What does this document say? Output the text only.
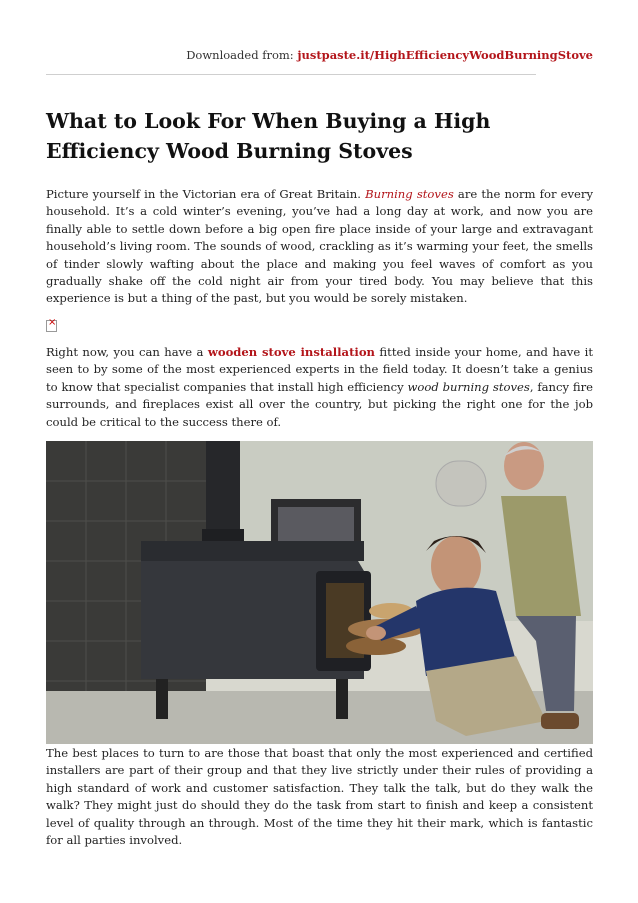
Downloaded from: justpaste.it/HighEfficiencyWoodBurningStove
What to Look For When Buying a High Efficiency Wood Burning Stoves

Picture yourself in the Victorian era of Great Britain. Burning stoves are the norm for every household. It’s a cold winter’s evening, you’ve had a long day at work, and now you are finally able to settle down before a big open fire place inside of your large and extravagant household’s living room. The sounds of wood, crackling as it’s warming your feet, the smells of tinder slowly wafting about the place and making you feel waves of comfort as you gradually shake off the cold night air from your tired body. You may believe that this experience is but a thing of the past, but you would be sorely mistaken.

×

Right now, you can have a wooden stove installation fitted inside your home, and have it seen to by some of the most experienced experts in the field today. It doesn’t take a genius to know that specialist companies that install high efficiency wood burning stoves, fancy fire surrounds, and fireplaces exist all over the country, but picking the right one for the job could be critical to the success there of.

The best places to turn to are those that boast that only the most experienced and certified installers are part of their group and that they live strictly under their rules of providing a high standard of work and customer satisfaction. They talk the talk, but do they walk the walk? They might just do should they do the task from start to finish and keep a consistent level of quality through an through. Most of the time they hit their mark, which is fantastic for all parties involved.
